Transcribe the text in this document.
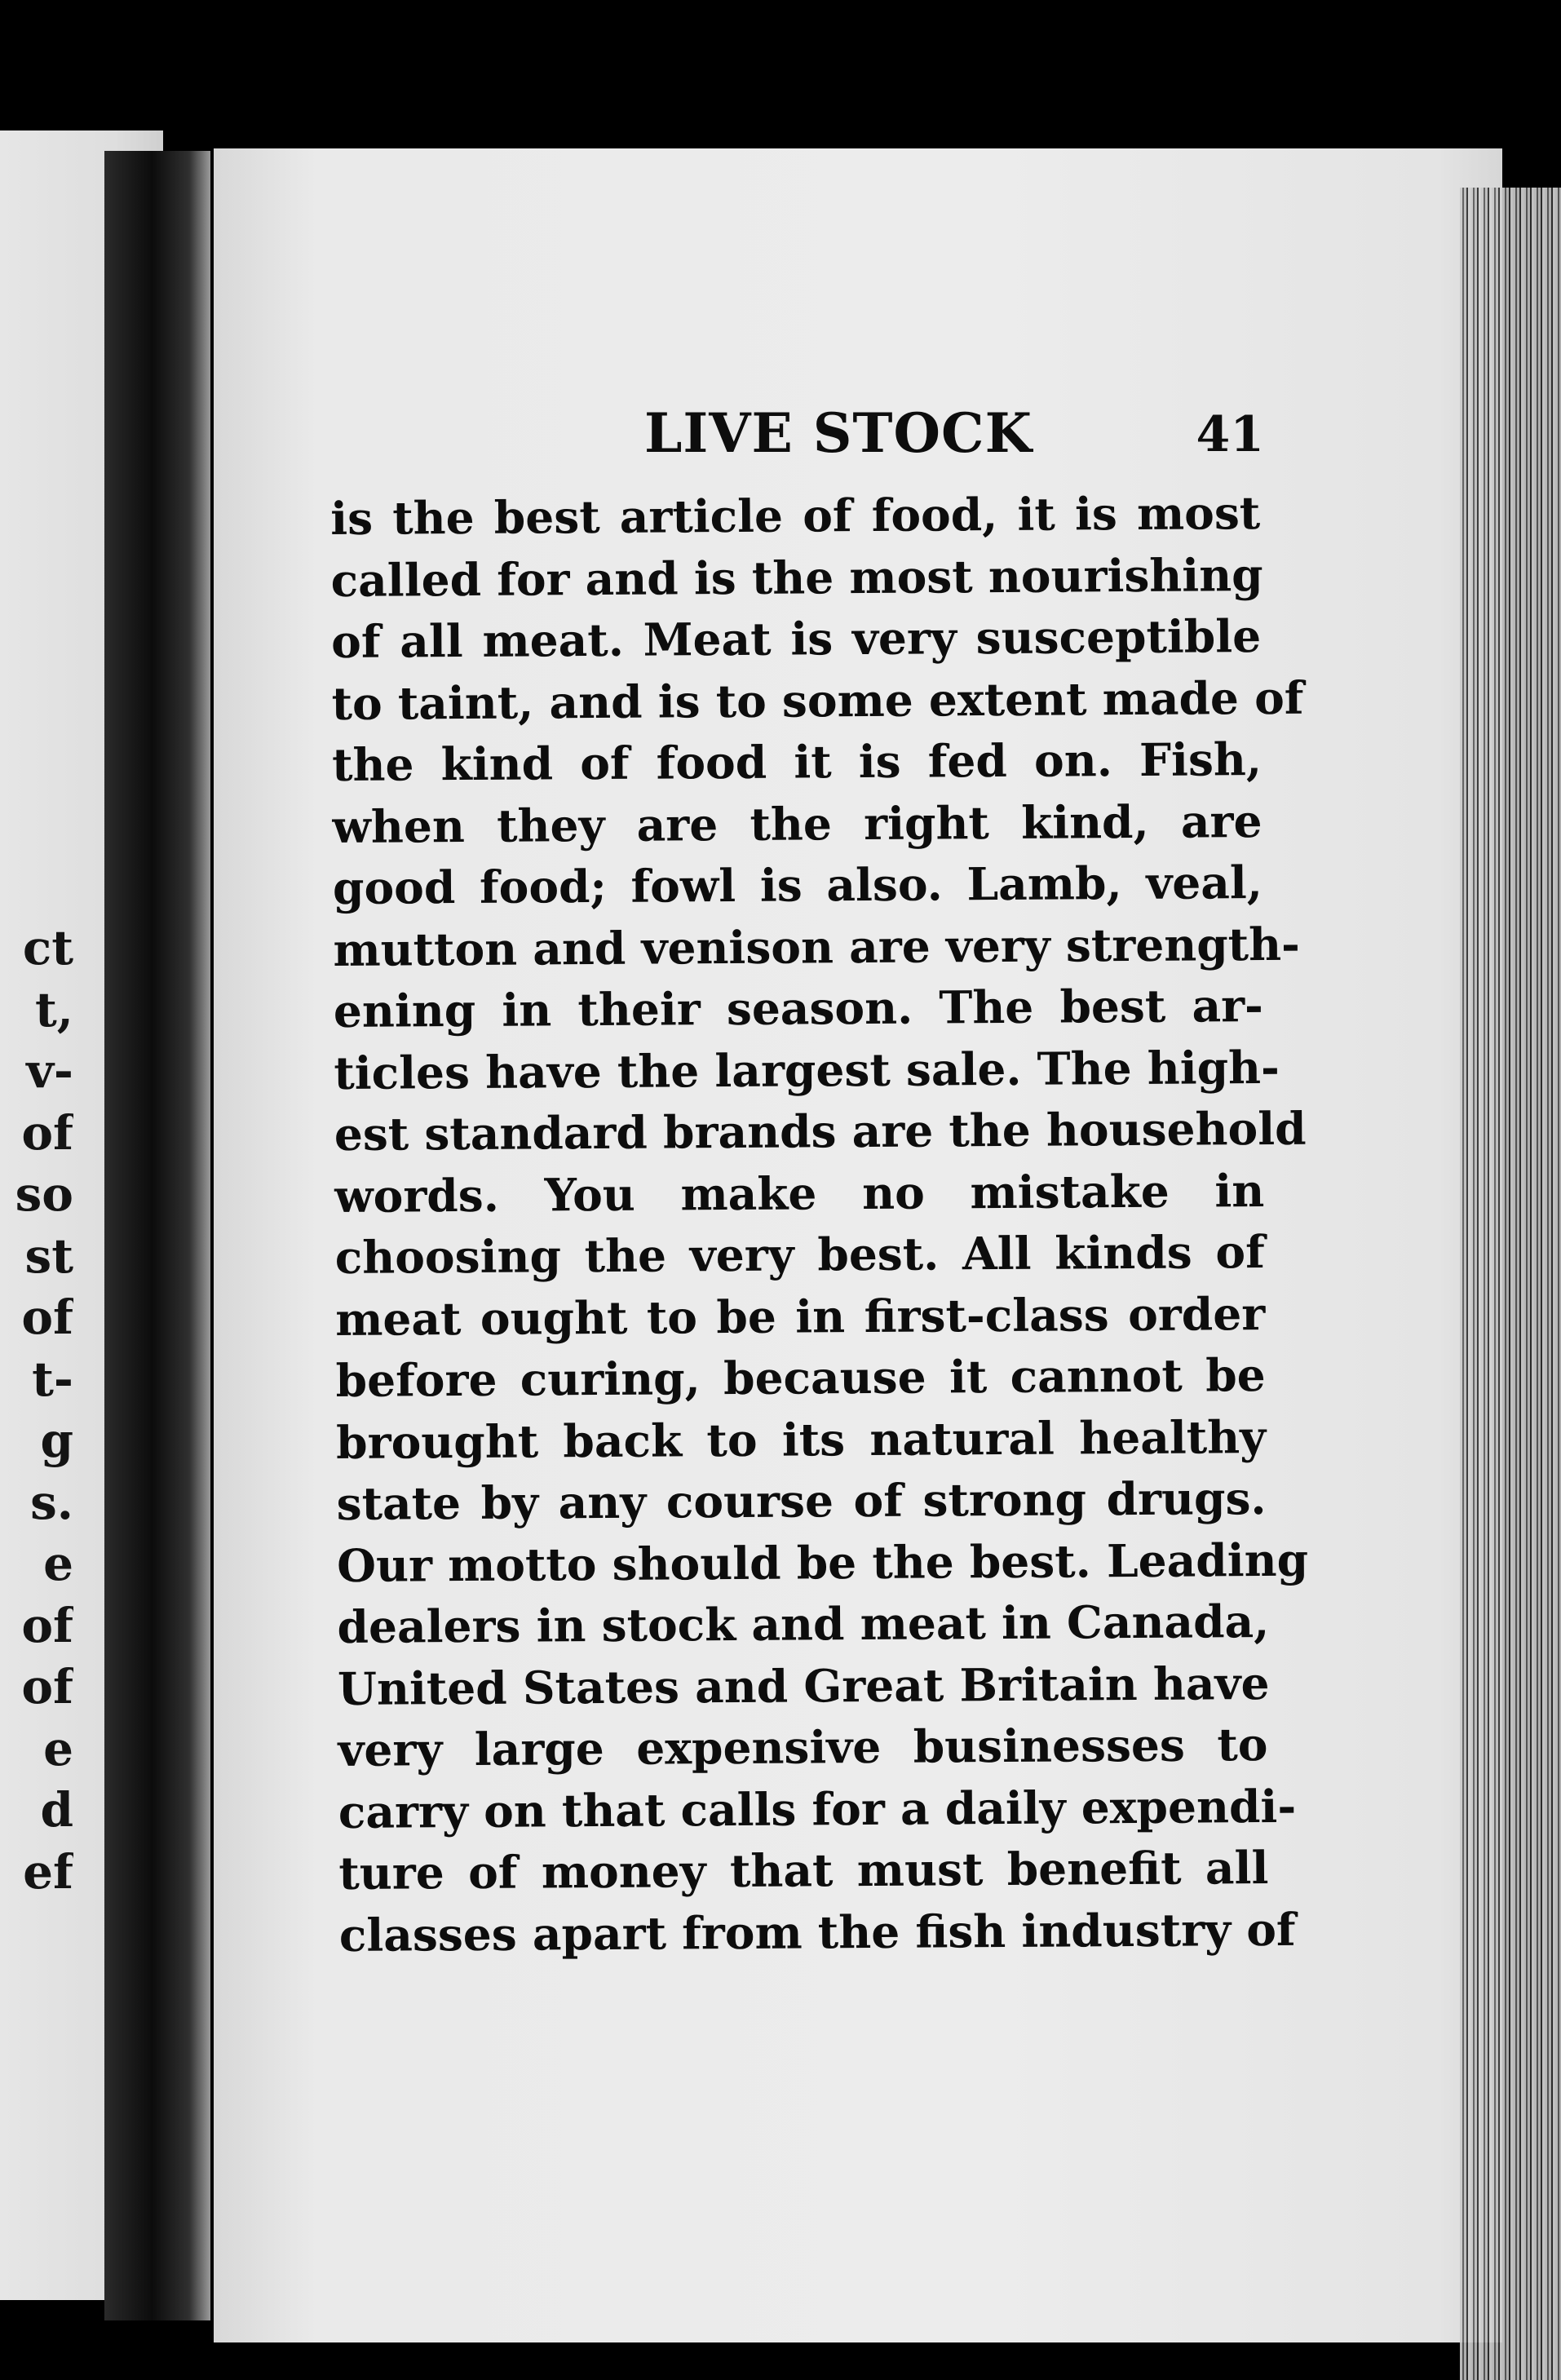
ct
t,
v-
of
so
st
of
t-
g
s.
e
of
of
e
d
ef
LIVE STOCK	41
is the best article of food, it is most
called for and is the most nourishing
of all meat. Meat is very susceptible
to taint, and is to some extent made of
the kind of food it is fed on. Fish,
when they are the right kind, are
good food; fowl is also. Lamb, veal,
mutton and venison are very strength-
ening in their season. The best ar-
ticles have the largest sale. The high-
est standard brands are the household
words. You make no mistake in
choosing the very best. All kinds of
meat ought to be in first-class order
before curing, because it cannot be
brought back to its natural healthy
state by any course of strong drugs.
Our motto should be the best. Leading
dealers in stock and meat in Canada,
United States and Great Britain have
very large expensive businesses to
carry on that calls for a daily expendi-
ture of money that must benefit all
classes apart from the fish industry of
